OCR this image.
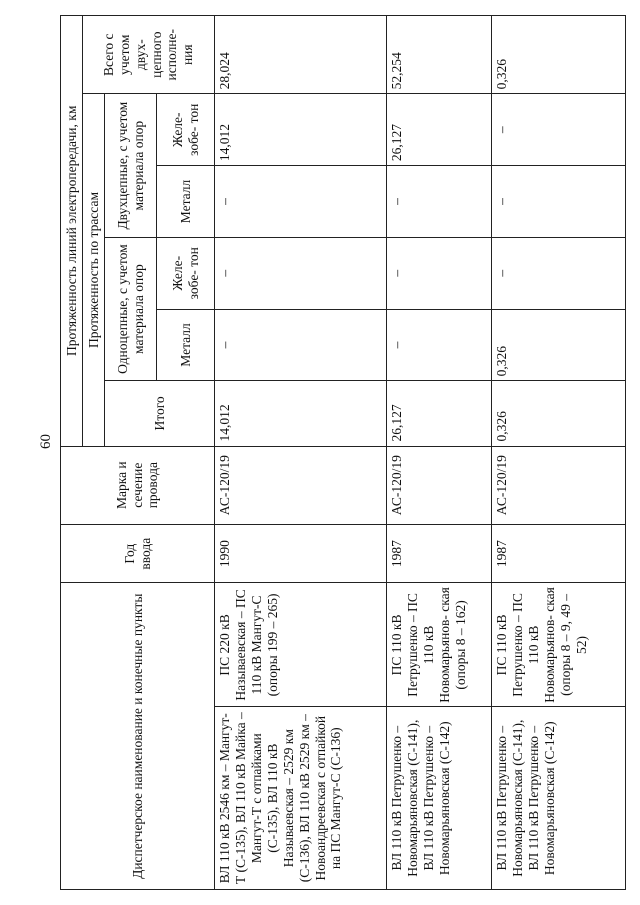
60
Диспетчерское наименование и конечные пункты		Год ввода	Марка и сечение провода	Протяженность линий электропередачи, км					
				Протяженность по трассам					Всего с учетом двух- цепного исполне- ния
				Итого	Одноцепные, с учетом материала опор		Двухцепные, с учетом материала опор		
					Металл	Желе- зобе- тон	Металл	Желе- зобе- тон	
ВЛ 110 кВ 2546 км – Мангут-Т (С-135), ВЛ 110 кВ Майка – Мангут-Т с отпайками (С-135), ВЛ 110 кВ Называевская – 2529 км (С-136), ВЛ 110 кВ 2529 км – Новоандреевская с отпайкой на ПС Мангут-С (С-136)	ПС 220 кВ Называевская – ПС 110 кВ Мангут-С (опоры 199 – 265)	1990	АС-120/19	14,012	–	–	–	14,012	28,024
ВЛ 110 кВ Петрушенко – Новомарьяновская (С-141), ВЛ 110 кВ Петрушенко – Новомарьяновская (С-142)	ПС 110 кВ Петрушенко – ПС 110 кВ Новомарьянов- ская (опоры 8 – 162)	1987	АС-120/19	26,127	–	–	–	26,127	52,254
ВЛ 110 кВ Петрушенко – Новомарьяновская (С-141), ВЛ 110 кВ Петрушенко – Новомарьяновская (С-142)	ПС 110 кВ Петрушенко – ПС 110 кВ Новомарьянов- ская (опоры 8 – 9, 49 – 52)	1987	АС-120/19	0,326	0,326	–	–	–	0,326
